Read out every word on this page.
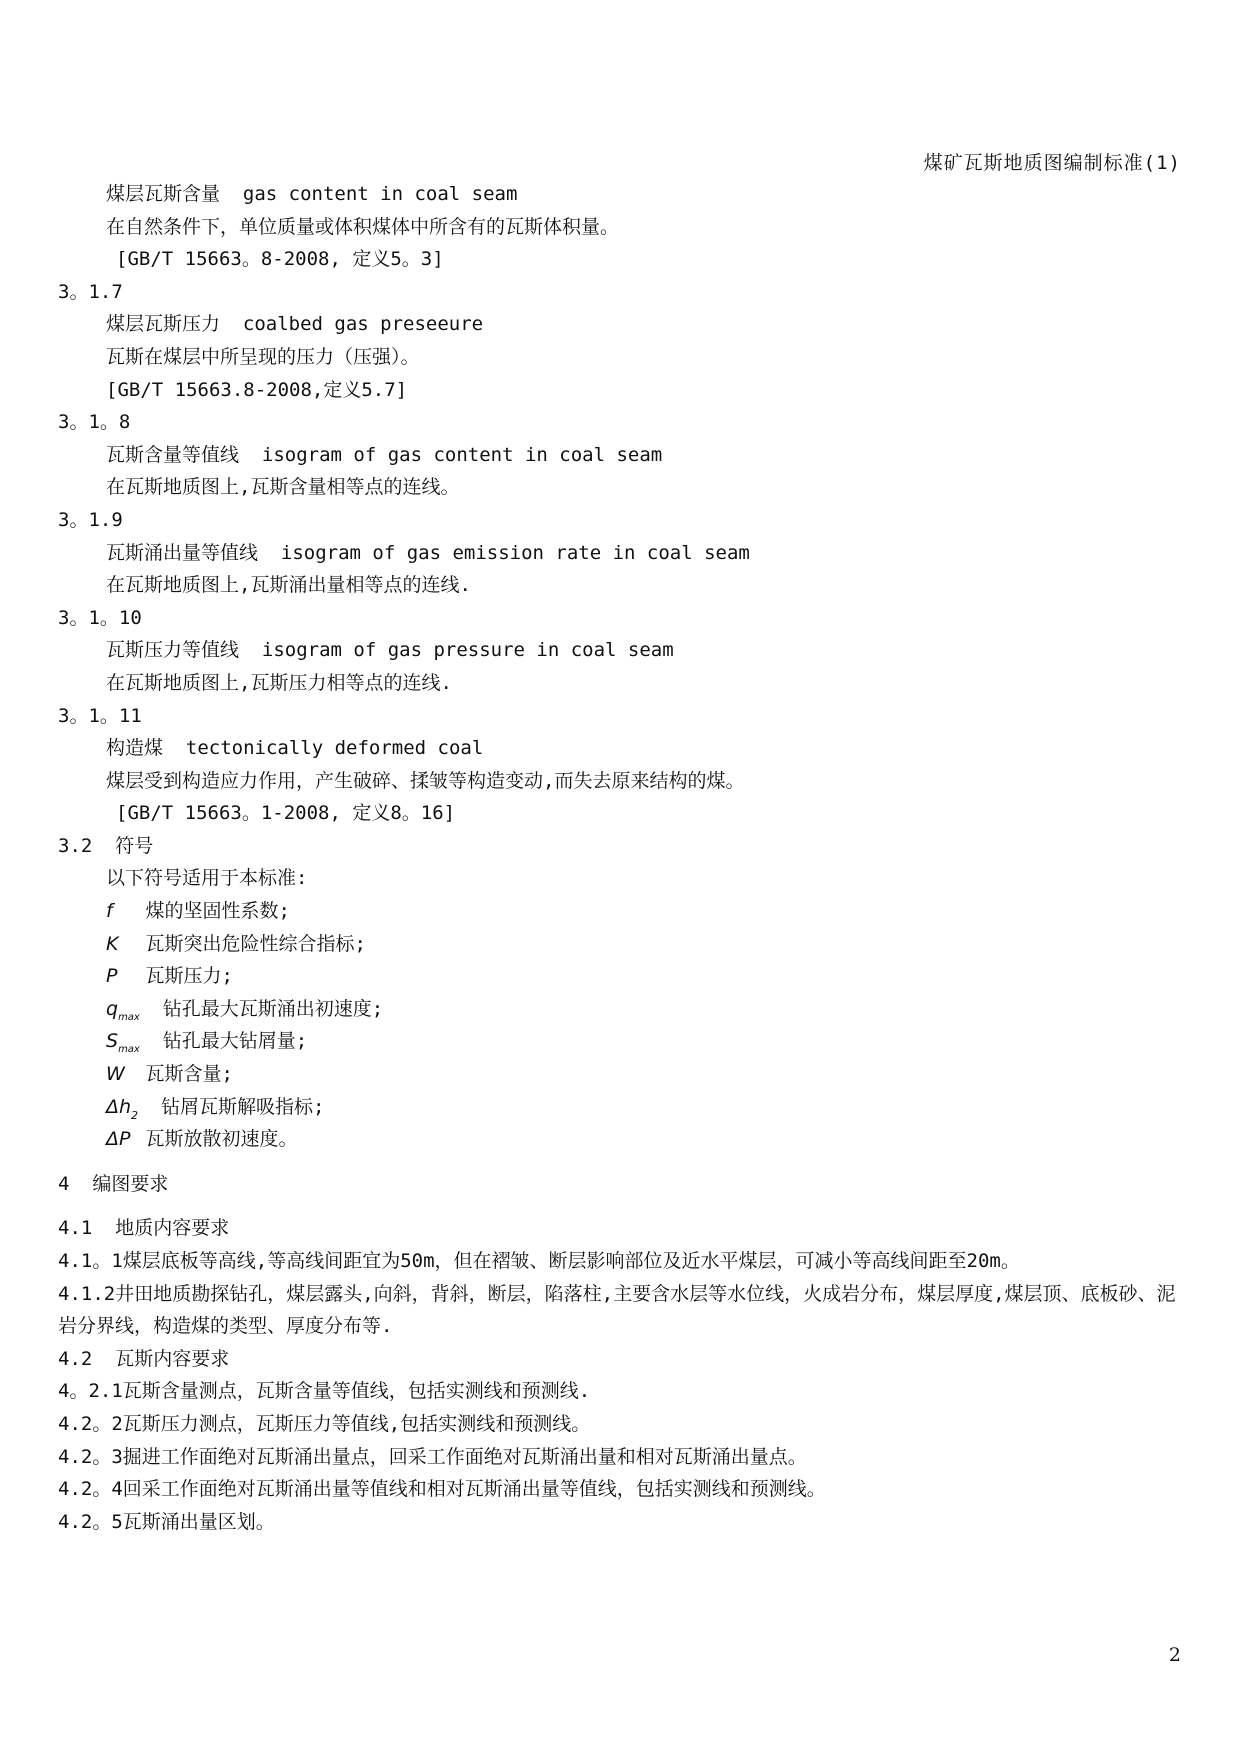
煤矿瓦斯地质图编制标准(1)
煤层瓦斯含量  gas content in coal seam
在自然条件下，单位质量或体积煤体中所含有的瓦斯体积量。
[GB/T 15663。8-2008, 定义5。3]
3。1.7
煤层瓦斯压力  coalbed gas preseeure
瓦斯在煤层中所呈现的压力（压强）。
[GB/T 15663.8-2008,定义5.7]
3。1。8
瓦斯含量等值线  isogram of gas content in coal seam
在瓦斯地质图上,瓦斯含量相等点的连线。
3。1.9
瓦斯涌出量等值线  isogram of gas emission rate in coal seam
在瓦斯地质图上,瓦斯涌出量相等点的连线.
3。1。10
瓦斯压力等值线  isogram of gas pressure in coal seam
在瓦斯地质图上,瓦斯压力相等点的连线.
3。1。11
构造煤  tectonically deformed coal
煤层受到构造应力作用，产生破碎、揉皱等构造变动,而失去原来结构的煤。
[GB/T 15663。1-2008, 定义8。16]
3.2  符号
以下符号适用于本标准:
f 煤的坚固性系数;
K 瓦斯突出危险性综合指标;
P 瓦斯压力;
$q_{max}$ 钻孔最大瓦斯涌出初速度;
$S_{max}$ 钻孔最大钻屑量;
W 瓦斯含量;
$\Delta h_2$ 钻屑瓦斯解吸指标;
ΔP 瓦斯放散初速度。
4  编图要求
4.1  地质内容要求
4.1。1煤层底板等高线,等高线间距宜为50m，但在褶皱、断层影响部位及近水平煤层，可减小等高线间距至20m。
4.1.2井田地质勘探钻孔，煤层露头,向斜，背斜，断层，陷落柱,主要含水层等水位线，火成岩分布，煤层厚度,煤层顶、底板砂、泥岩分界线，构造煤的类型、厚度分布等.
4.2  瓦斯内容要求
4。2.1瓦斯含量测点，瓦斯含量等值线，包括实测线和预测线.
4.2。2瓦斯压力测点，瓦斯压力等值线,包括实测线和预测线。
4.2。3掘进工作面绝对瓦斯涌出量点，回采工作面绝对瓦斯涌出量和相对瓦斯涌出量点。
4.2。4回采工作面绝对瓦斯涌出量等值线和相对瓦斯涌出量等值线，包括实测线和预测线。
4.2。5瓦斯涌出量区划。
2
